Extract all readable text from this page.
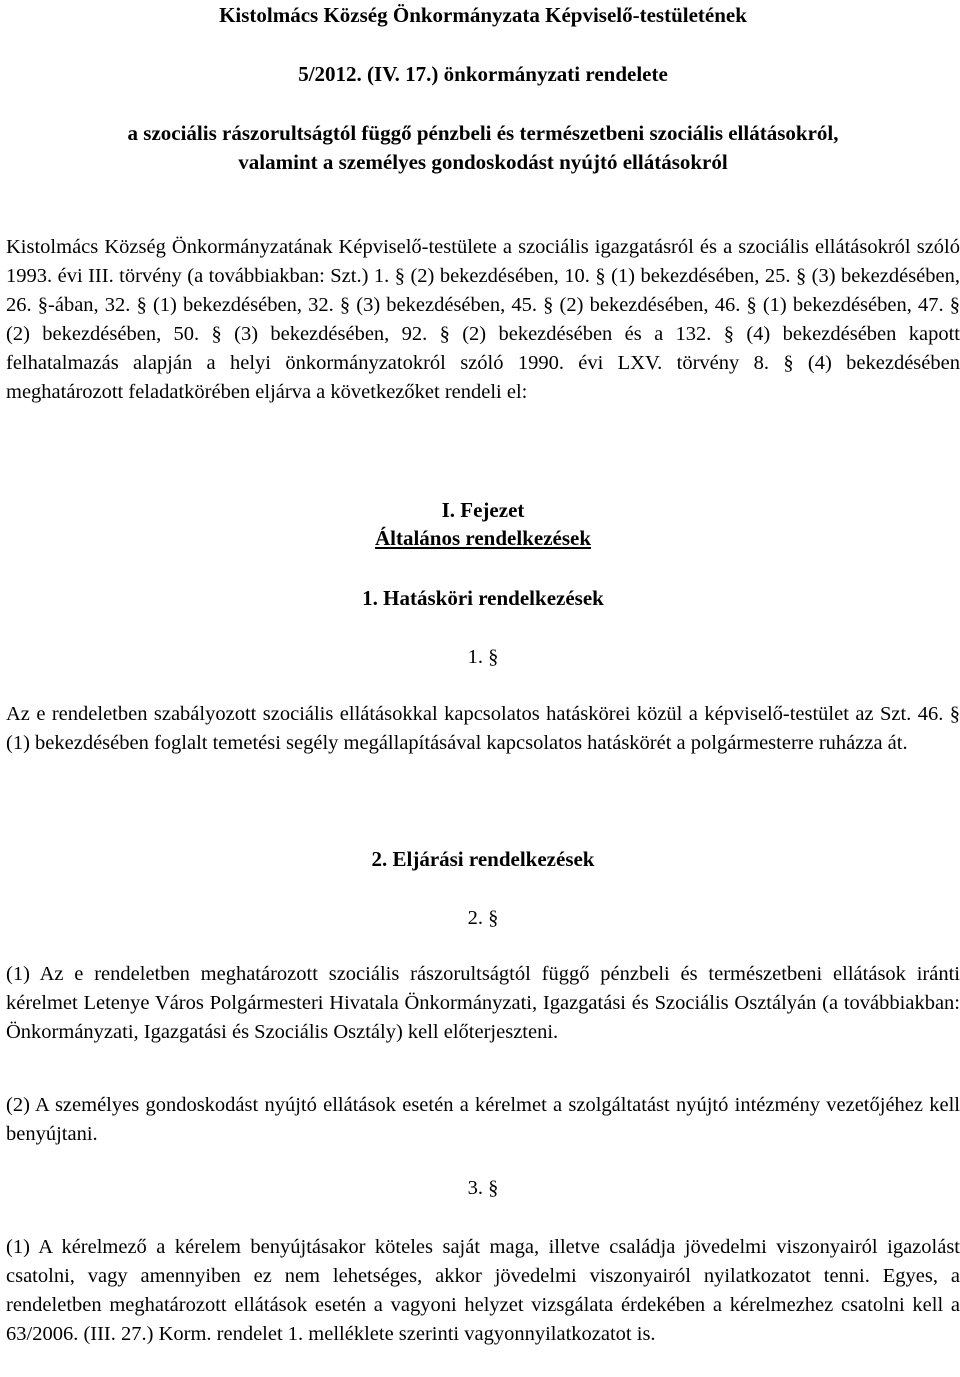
Kistolmács Község Önkormányzata Képviselő-testületének
5/2012. (IV. 17.) önkormányzati rendelete
a szociális rászorultságtól függő pénzbeli és természetbeni szociális ellátásokról,
valamint a személyes gondoskodást nyújtó ellátásokról
Kistolmács Község Önkormányzatának Képviselő-testülete a szociális igazgatásról és a szociális ellátásokról szóló 1993. évi III. törvény (a továbbiakban: Szt.) 1. § (2) bekezdésében, 10. § (1) bekezdésében, 25. § (3) bekezdésében, 26. §-ában, 32. § (1) bekezdésében, 32. § (3) bekezdésében, 45. § (2) bekezdésében, 46. § (1) bekezdésében, 47. § (2) bekezdésében, 50. § (3) bekezdésében, 92. § (2) bekezdésében és a 132. § (4) bekezdésében kapott felhatalmazás alapján a helyi önkormányzatokról szóló 1990. évi LXV. törvény 8. § (4) bekezdésében meghatározott feladatkörében eljárva a következőket rendeli el:
I. Fejezet
Általános rendelkezések
1. Hatásköri rendelkezések
1. §
Az e rendeletben szabályozott szociális ellátásokkal kapcsolatos hatáskörei közül a képviselő-testület az Szt. 46. § (1) bekezdésében foglalt temetési segély megállapításával kapcsolatos hatáskörét a polgármesterre ruházza át.
2. Eljárási rendelkezések
2. §
(1) Az e rendeletben meghatározott szociális rászorultságtól függő pénzbeli és természetbeni ellátások iránti kérelmet Letenye Város Polgármesteri Hivatala Önkormányzati, Igazgatási és Szociális Osztályán (a továbbiakban: Önkormányzati, Igazgatási és Szociális Osztály) kell előterjeszteni.
(2) A személyes gondoskodást nyújtó ellátások esetén a kérelmet a szolgáltatást nyújtó intézmény vezetőjéhez kell benyújtani.
3. §
(1) A kérelmező a kérelem benyújtásakor köteles saját maga, illetve családja jövedelmi viszonyairól igazolást csatolni, vagy amennyiben ez nem lehetséges, akkor jövedelmi viszonyairól nyilatkozatot tenni. Egyes, a rendeletben meghatározott ellátások esetén a vagyoni helyzet vizsgálata érdekében a kérelmezhez csatolni kell a 63/2006. (III. 27.) Korm. rendelet 1. melléklete szerinti vagyonnyilatkozatot is.
